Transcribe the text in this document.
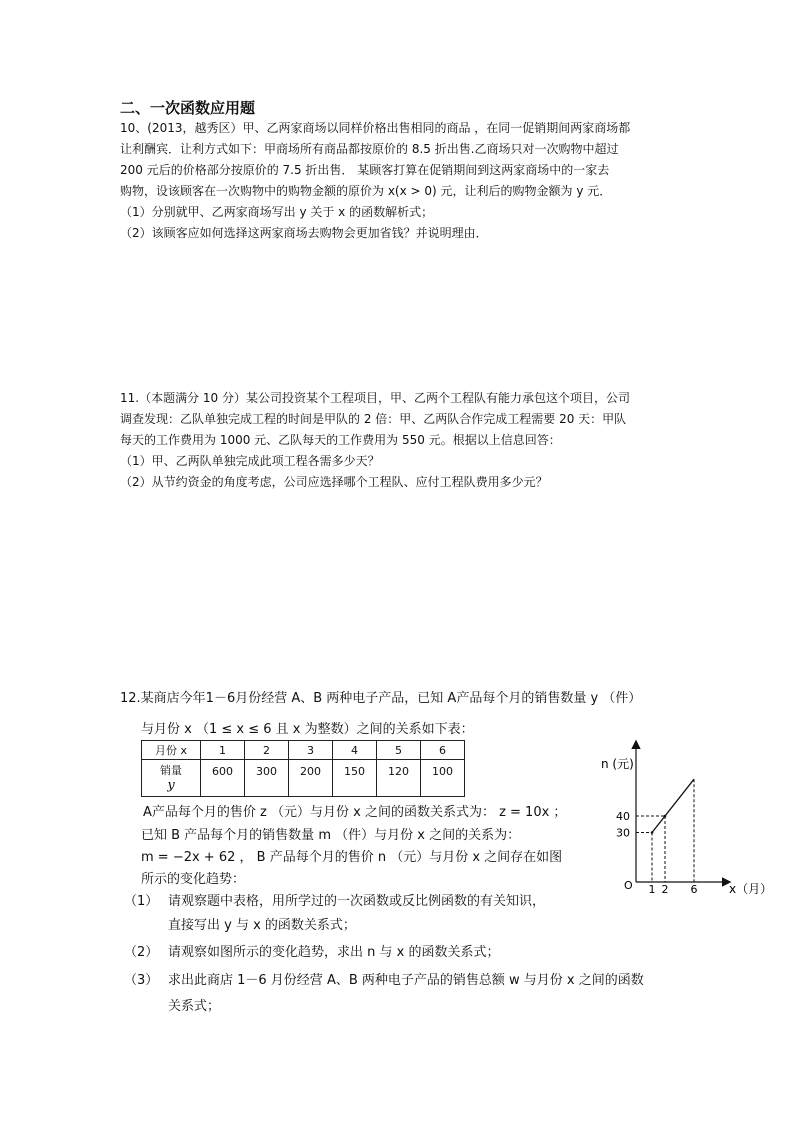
二、一次函数应用题
10、(2013，越秀区）甲、乙两家商场以同样价格出售相同的商品 ，在同一促销期间两家商场都
让利酬宾．让利方式如下：甲商场所有商品都按原价的 8.5 折出售.乙商场只对一次购物中超过
200 元后的价格部分按原价的 7.5 折出售． 某顾客打算在促销期间到这两家商场中的一家去
购物，设该顾客在一次购物中的购物金额的原价为 x(x > 0) 元，让利后的购物金额为 y 元．
（1）分别就甲、乙两家商场写出 y 关于 x 的函数解析式；
（2）该顾客应如何选择这两家商场去购物会更加省钱？并说明理由．
11.（本题满分 10 分）某公司投资某个工程项目，甲、乙两个工程队有能力承包这个项目，公司
调查发现：乙队单独完成工程的时间是甲队的 2 倍：甲、乙两队合作完成工程需要 20 天：甲队
每天的工作费用为 1000 元、乙队每天的工作费用为 550 元。根据以上信息回答：
（1）甲、乙两队单独完成此项工程各需多少天？
（2）从节约资金的角度考虑，公司应选择哪个工程队、应付工程队费用多少元？
12.某商店今年1－6月份经营 A、B 两种电子产品，已知 A产品每个月的销售数量 y （件）
与月份 x （1 ≤ x ≤ 6 且 x 为整数）之间的关系如下表：
月份 x	1	2	3	4	5	6

销量
y	600	300	200	150	120	100
A产品每个月的售价 z （元）与月份 x 之间的函数关系式为： z = 10x ；
已知 B 产品每个月的销售数量 m （件）与月份 x 之间的关系为：
m = −2x + 62 ， B 产品每个月的售价 n （元）与月份 x 之间存在如图
所示的变化趋势：
（1） 请观察题中表格，用所学过的一次函数或反比例函数的有关知识，
直接写出 y 与 x 的函数关系式；
（2） 请观察如图所示的变化趋势，求出 n 与 x 的函数关系式；
（3） 求出此商店 1－6 月份经营 A、B 两种电子产品的销售总额 w 与月份 x 之间的函数
关系式；
n (元)
x（月）
O 1 2 6
40
30
